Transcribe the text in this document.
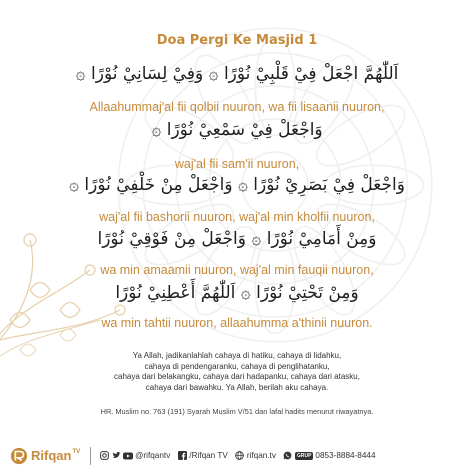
Doa Pergi Ke Masjid 1
اَللّٰهُمَّ اجْعَلْ فِيْ قَلْبِيْ نُوْرًا ۞ وَفِيْ لِسَانِيْ نُوْرًا ۞
Allaahummaj'al fii qolbii nuuron, wa fii lisaanii nuuron,
وَاجْعَلْ فِيْ سَمْعِيْ نُوْرًا ۞
waj'al fii sam'ii nuuron,
وَاجْعَلْ فِيْ بَصَرِيْ نُوْرًا ۞ وَاجْعَلْ مِنْ خَلْفِيْ نُوْرًا ۞
waj'al fii bashorii nuuron, waj'al min kholfii nuuron,
وَمِنْ أَمَامِيْ نُوْرًا ۞ وَاجْعَلْ مِنْ فَوْقِيْ نُوْرًا
wa min amaamii nuuron, waj'al min fauqii nuuron,
وَمِنْ تَحْتِيْ نُوْرًا ۞ اَللّٰهُمَّ أَعْطِنِيْ نُوْرًا
wa min tahtii nuuron, allaahumma a'thinii nuuron.
Ya Allah, jadikanlahlah cahaya di hatiku, cahaya di lidahku,
cahaya di pendengaranku, cahaya di penglihatanku,
cahaya dari belakangku, cahaya dari hadapanku, cahaya dari atasku,
cahaya dari bawahku. Ya Allah, berilah aku cahaya.
HR. Muslim no. 763 (191) Syarah Muslim V/51 dan lafal hadits menurut riwayatnya.
Rifqan TV	@rifqantv /Rifqan TV rifqan.tv	GRUP 0853-8884-8444
